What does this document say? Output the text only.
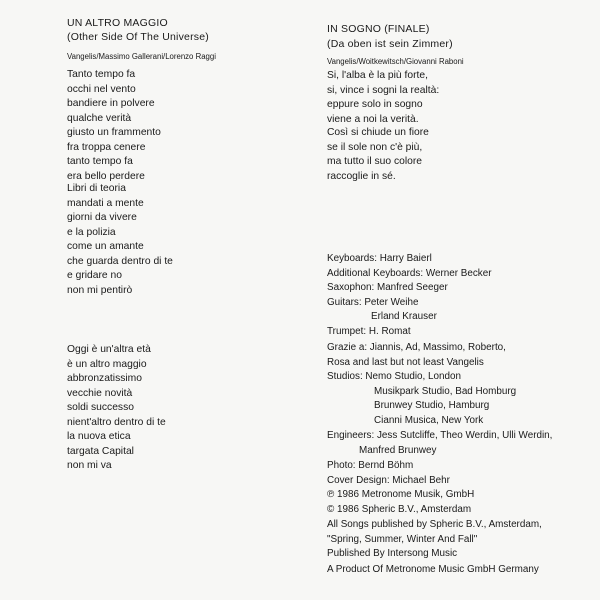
UN ALTRO MAGGIO
(Other Side Of The Universe)
Vangelis/Massimo Gallerani/Lorenzo Raggi
Tanto tempo fa
occhi nel vento
bandiere in polvere
qualche verità
giusto un frammento
fra troppa cenere
tanto tempo fa
era bello perdere
Libri di teoria
mandati a mente
giorni da vivere
e la polizia
come un amante
che guarda dentro di te
e gridare no
non mi pentirò
Oggi è un'altra età
è un altro maggio
abbronzatissimo
vecchie novità
soldi successo
nient'altro dentro di te
la nuova etica
targata Capital
non mi va
IN SOGNO (FINALE)
(Da oben ist sein Zimmer)
Vangelis/Woitkewitsch/Giovanni Raboni
Si, l'alba è la più forte,
si, vince i sogni la realtà:
eppure solo in sogno
viene a noi la verità.
Così si chiude un fiore
se il sole non c'è più,
ma tutto il suo colore
raccoglie in sé.
Keyboards: Harry Baierl
Additional Keyboards: Werner Becker
Saxophon: Manfred Seeger
Guitars: Peter Weihe
Erland Krauser
Trumpet: H. Romat
Grazie a: Jiannis, Ad, Massimo, Roberto,
Rosa and last but not least Vangelis
Studios: Nemo Studio, London
Musikpark Studio, Bad Homburg
Brunwey Studio, Hamburg
Cianni Musica, New York
Engineers: Jess Sutcliffe, Theo Werdin, Ulli Werdin,
Manfred Brunwey
Photo: Bernd Böhm
Cover Design: Michael Behr
℗ 1986 Metronome Musik, GmbH
© 1986 Spheric B.V., Amsterdam
All Songs published by Spheric B.V., Amsterdam,
"Spring, Summer, Winter And Fall"
Published By Intersong Music
A Product Of Metronome Music GmbH Germany
